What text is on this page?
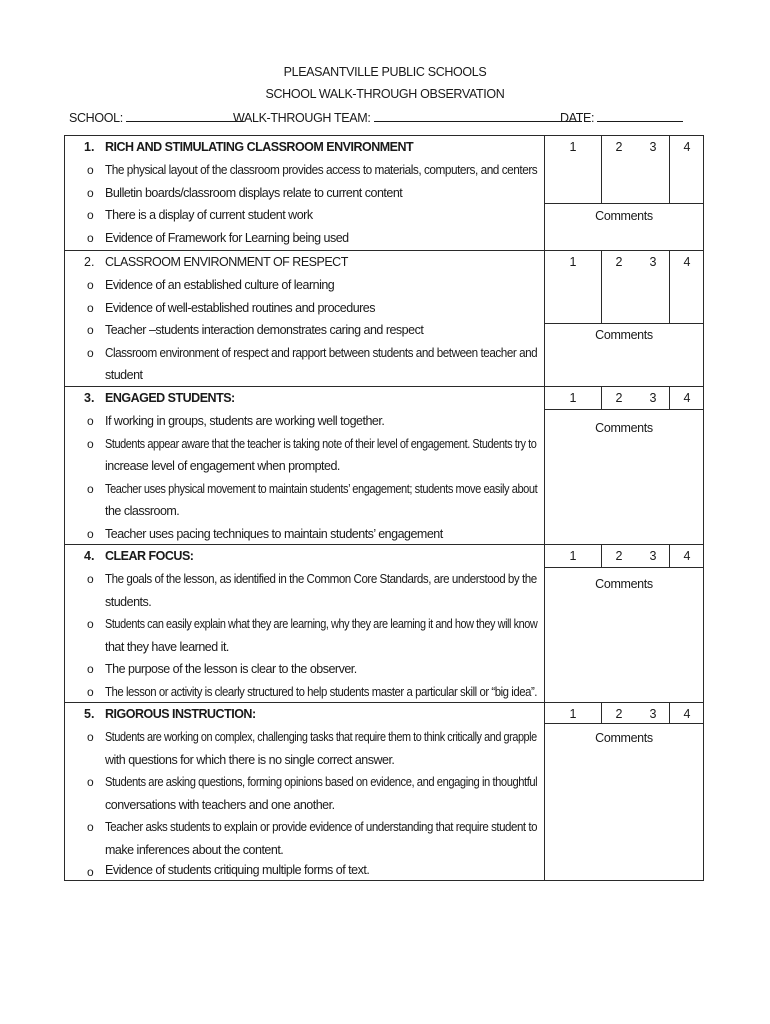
PLEASANTVILLE PUBLIC SCHOOLS
SCHOOL WALK-THROUGH OBSERVATION
SCHOOL:	WALK-THROUGH TEAM:	DATE:
1. RICH AND STIMULATING CLASSROOM ENVIRONMENT
o The physical layout of the classroom provides access to materials, computers, and centers
o Bulletin boards/classroom displays relate to current content
o There is a display of current student work
o Evidence of Framework for Learning being used
1	2	3	4
Comments
2. CLASSROOM ENVIRONMENT OF RESPECT
o Evidence of an established culture of learning
o Evidence of well-established routines and procedures
o Teacher –students interaction demonstrates caring and respect
o Classroom environment of respect and rapport between students and between teacher and
student
1	2	3	4
Comments
3. ENGAGED STUDENTS:
o If working in groups, students are working well together.
o Students appear aware that the teacher is taking note of their level of engagement. Students try to
increase level of engagement when prompted.
o Teacher uses physical movement to maintain students’ engagement; students move easily about
the classroom.
o Teacher uses pacing techniques to maintain students’ engagement
1	2	3	4
Comments
4. CLEAR FOCUS:
o The goals of the lesson, as identified in the Common Core Standards, are understood by the
students.
o Students can easily explain what they are learning, why they are learning it and how they will know
that they have learned it.
o The purpose of the lesson is clear to the observer.
o The lesson or activity is clearly structured to help students master a particular skill or “big idea”.
1	2	3	4
Comments
5. RIGOROUS INSTRUCTION:
o Students are working on complex, challenging tasks that require them to think critically and grapple
with questions for which there is no single correct answer.
o Students are asking questions, forming opinions based on evidence, and engaging in thoughtful
conversations with teachers and one another.
o Teacher asks students to explain or provide evidence of understanding that require student to
make inferences about the content.
o Evidence of students critiquing multiple forms of text.
1	2	3	4
Comments
